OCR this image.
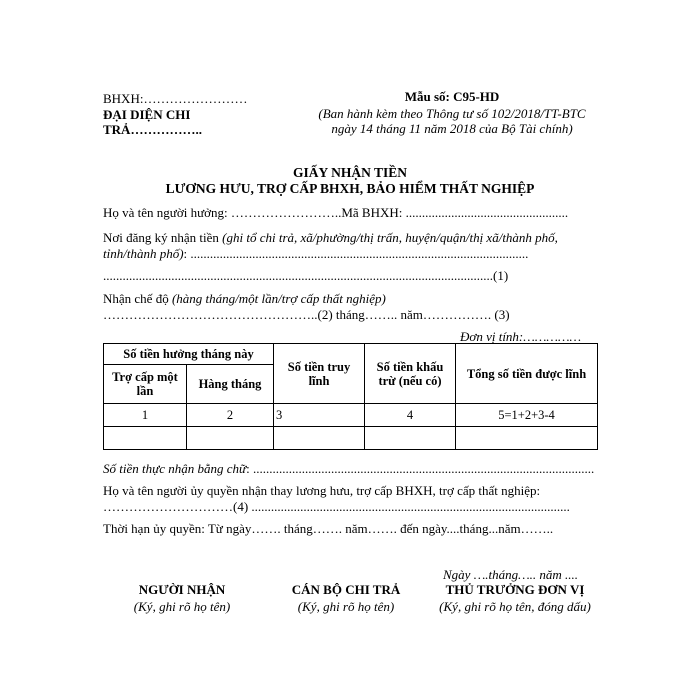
BHXH:……………………
ĐẠI DIỆN CHI
TRẢ……………..
Mẫu số: C95-HD
(Ban hành kèm theo Thông tư số 102/2018/TT-BTC
ngày 14 tháng 11 năm 2018 của Bộ Tài chính)
GIẤY NHẬN TIỀN
LƯƠNG HƯU, TRỢ CẤP BHXH, BẢO HIỂM THẤT NGHIỆP
Họ và tên người hưởng: ……………………..Mã BHXH: ..................................................
Nơi đăng ký nhận tiền (ghi tổ chi trả, xã/phường/thị trấn, huyện/quận/thị xã/thành phố,
tỉnh/thành phố): ........................................................................................................
........................................................................................................................(1)
Nhận chế độ (hàng tháng/một lần/trợ cấp thất nghiệp)
…………………………………………..(2) tháng…….. năm……………. (3)
Đơn vị tính:……………
Số tiền hưởng tháng này		Số tiền truy lĩnh	Số tiền khấu trừ (nếu có)	Tổng số tiền được lĩnh
Trợ cấp một lần	Hàng tháng			
1	2	3	4	5=1+2+3-4

Số tiền thực nhận bằng chữ: .........................................................................................................
Họ và tên người ủy quyền nhận thay lương hưu, trợ cấp BHXH, trợ cấp thất nghiệp:
…………………………(4) ..................................................................................................
Thời hạn ủy quyền: Từ ngày……. tháng……. năm……. đến ngày....tháng...năm……..
Ngày ….tháng….. năm ....
NGƯỜI NHẬN
(Ký, ghi rõ họ tên)
CÁN BỘ CHI TRẢ
(Ký, ghi rõ họ tên)
THỦ TRƯỞNG ĐƠN VỊ
(Ký, ghi rõ họ tên, đóng dấu)
